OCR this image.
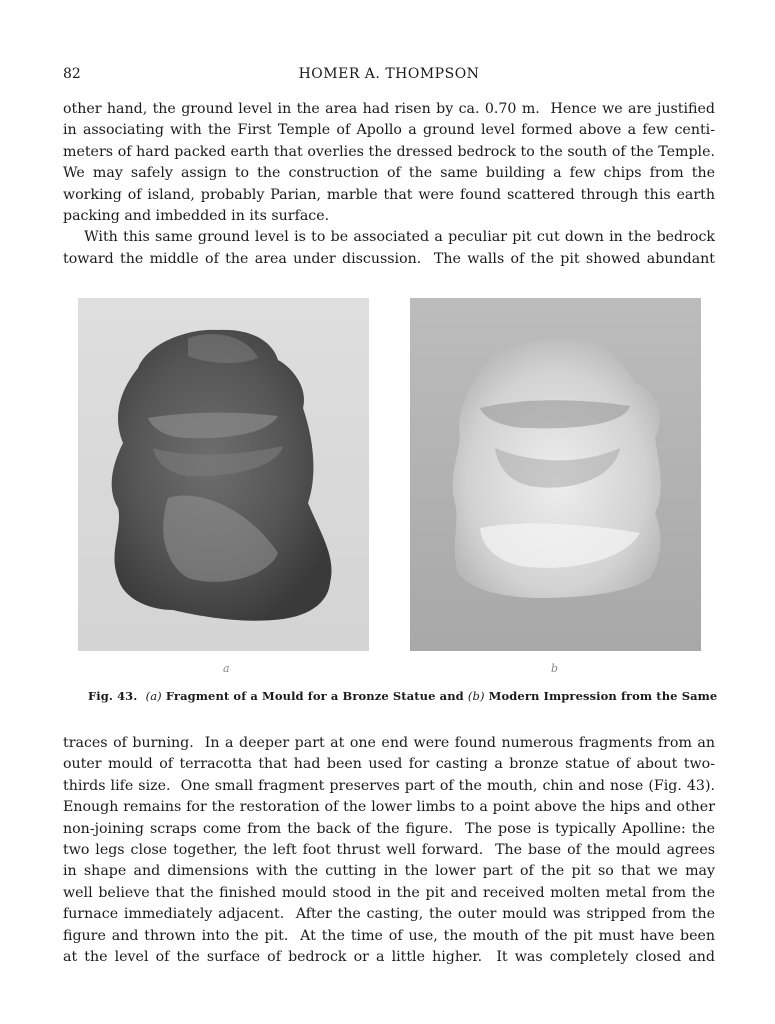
82	HOMER A. THOMPSON
other hand, the ground level in the area had risen by ca. 0.70 m.  Hence we are justified
in associating with the First Temple of Apollo a ground level formed above a few centi-
meters of hard packed earth that overlies the dressed bedrock to the south of the Temple.
We may safely assign to the construction of the same building a few chips from the
working of island, probably Parian, marble that were found scattered through this earth
packing and imbedded in its surface.
With this same ground level is to be associated a peculiar pit cut down in the bedrock
toward the middle of the area under discussion.  The walls of the pit showed abundant
a	b
Fig. 43. (a) Fragment of a Mould for a Bronze Statue and (b) Modern Impression from the Same
traces of burning.  In a deeper part at one end were found numerous fragments from an
outer mould of terracotta that had been used for casting a bronze statue of about two-
thirds life size.  One small fragment preserves part of the mouth, chin and nose (Fig. 43).
Enough remains for the restoration of the lower limbs to a point above the hips and other
non-joining scraps come from the back of the figure.  The pose is typically Apolline: the
two legs close together, the left foot thrust well forward.  The base of the mould agrees
in shape and dimensions with the cutting in the lower part of the pit so that we may
well believe that the finished mould stood in the pit and received molten metal from the
furnace immediately adjacent.  After the casting, the outer mould was stripped from the
figure and thrown into the pit.  At the time of use, the mouth of the pit must have been
at the level of the surface of bedrock or a little higher.  It was completely closed and
